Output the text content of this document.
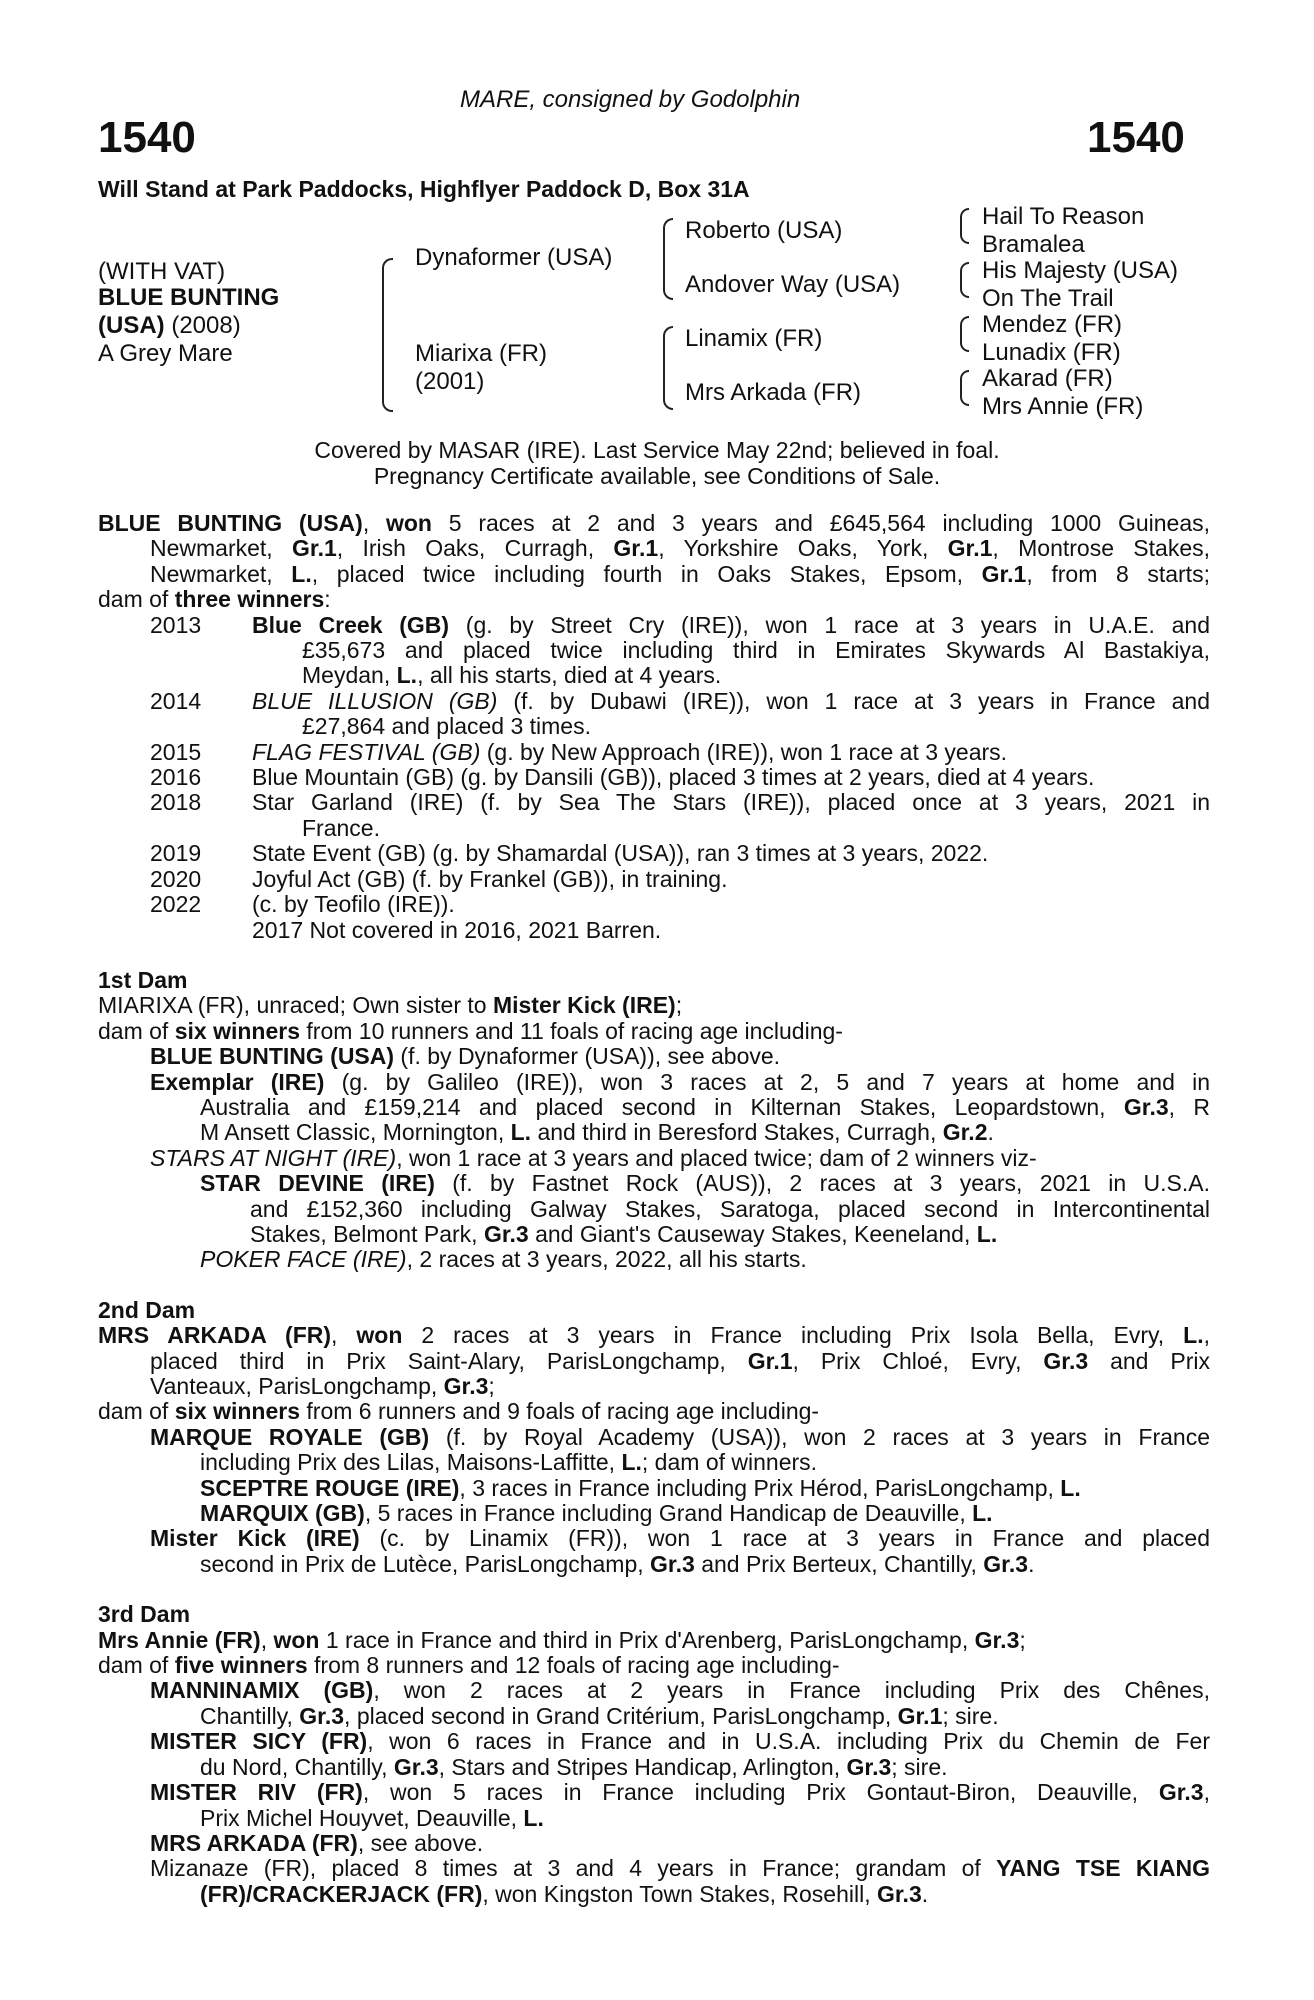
MARE, consigned by Godolphin
1540	1540
Will Stand at Park Paddocks, Highflyer Paddock D, Box 31A
(WITH VAT)
BLUE BUNTING
(USA) (2008)
A Grey Mare
Dynaformer (USA)
Miarixa (FR)
(2001)
Roberto (USA)
Andover Way (USA)
Linamix (FR)
Mrs Arkada (FR)
Hail To Reason
Bramalea
His Majesty (USA)
On The Trail
Mendez (FR)
Lunadix (FR)
Akarad (FR)
Mrs Annie (FR)
Covered by MASAR (IRE). Last Service May 22nd; believed in foal.
Pregnancy Certificate available, see Conditions of Sale.
BLUE BUNTING (USA), won 5 races at 2 and 3 years and £645,564 including 1000 Guineas,
Newmarket, Gr.1, Irish Oaks, Curragh, Gr.1, Yorkshire Oaks, York, Gr.1, Montrose Stakes,
Newmarket, L., placed twice including fourth in Oaks Stakes, Epsom, Gr.1, from 8 starts;
dam of three winners:
2013 Blue Creek (GB) (g. by Street Cry (IRE)), won 1 race at 3 years in U.A.E. and
£35,673 and placed twice including third in Emirates Skywards Al Bastakiya,
Meydan, L., all his starts, died at 4 years.
2014 BLUE ILLUSION (GB) (f. by Dubawi (IRE)), won 1 race at 3 years in France and
£27,864 and placed 3 times.
2015 FLAG FESTIVAL (GB) (g. by New Approach (IRE)), won 1 race at 3 years.
2016 Blue Mountain (GB) (g. by Dansili (GB)), placed 3 times at 2 years, died at 4 years.
2018 Star Garland (IRE) (f. by Sea The Stars (IRE)), placed once at 3 years, 2021 in
France.
2019 State Event (GB) (g. by Shamardal (USA)), ran 3 times at 3 years, 2022.
2020 Joyful Act (GB) (f. by Frankel (GB)), in training.
2022 (c. by Teofilo (IRE)).
2017 Not covered in 2016, 2021 Barren.
1st Dam
MIARIXA (FR), unraced; Own sister to Mister Kick (IRE);
dam of six winners from 10 runners and 11 foals of racing age including-
BLUE BUNTING (USA) (f. by Dynaformer (USA)), see above.
Exemplar (IRE) (g. by Galileo (IRE)), won 3 races at 2, 5 and 7 years at home and in
Australia and £159,214 and placed second in Kilternan Stakes, Leopardstown, Gr.3, R
M Ansett Classic, Mornington, L. and third in Beresford Stakes, Curragh, Gr.2.
STARS AT NIGHT (IRE), won 1 race at 3 years and placed twice; dam of 2 winners viz-
STAR DEVINE (IRE) (f. by Fastnet Rock (AUS)), 2 races at 3 years, 2021 in U.S.A.
and £152,360 including Galway Stakes, Saratoga, placed second in Intercontinental
Stakes, Belmont Park, Gr.3 and Giant's Causeway Stakes, Keeneland, L.
POKER FACE (IRE), 2 races at 3 years, 2022, all his starts.
2nd Dam
MRS ARKADA (FR), won 2 races at 3 years in France including Prix Isola Bella, Evry, L.,
placed third in Prix Saint-Alary, ParisLongchamp, Gr.1, Prix Chloé, Evry, Gr.3 and Prix
Vanteaux, ParisLongchamp, Gr.3;
dam of six winners from 6 runners and 9 foals of racing age including-
MARQUE ROYALE (GB) (f. by Royal Academy (USA)), won 2 races at 3 years in France
including Prix des Lilas, Maisons-Laffitte, L.; dam of winners.
SCEPTRE ROUGE (IRE), 3 races in France including Prix Hérod, ParisLongchamp, L.
MARQUIX (GB), 5 races in France including Grand Handicap de Deauville, L.
Mister Kick (IRE) (c. by Linamix (FR)), won 1 race at 3 years in France and placed
second in Prix de Lutèce, ParisLongchamp, Gr.3 and Prix Berteux, Chantilly, Gr.3.
3rd Dam
Mrs Annie (FR), won 1 race in France and third in Prix d'Arenberg, ParisLongchamp, Gr.3;
dam of five winners from 8 runners and 12 foals of racing age including-
MANNINAMIX (GB), won 2 races at 2 years in France including Prix des Chênes,
Chantilly, Gr.3, placed second in Grand Critérium, ParisLongchamp, Gr.1; sire.
MISTER SICY (FR), won 6 races in France and in U.S.A. including Prix du Chemin de Fer
du Nord, Chantilly, Gr.3, Stars and Stripes Handicap, Arlington, Gr.3; sire.
MISTER RIV (FR), won 5 races in France including Prix Gontaut-Biron, Deauville, Gr.3,
Prix Michel Houyvet, Deauville, L.
MRS ARKADA (FR), see above.
Mizanaze (FR), placed 8 times at 3 and 4 years in France; grandam of YANG TSE KIANG
(FR)/CRACKERJACK (FR), won Kingston Town Stakes, Rosehill, Gr.3.
